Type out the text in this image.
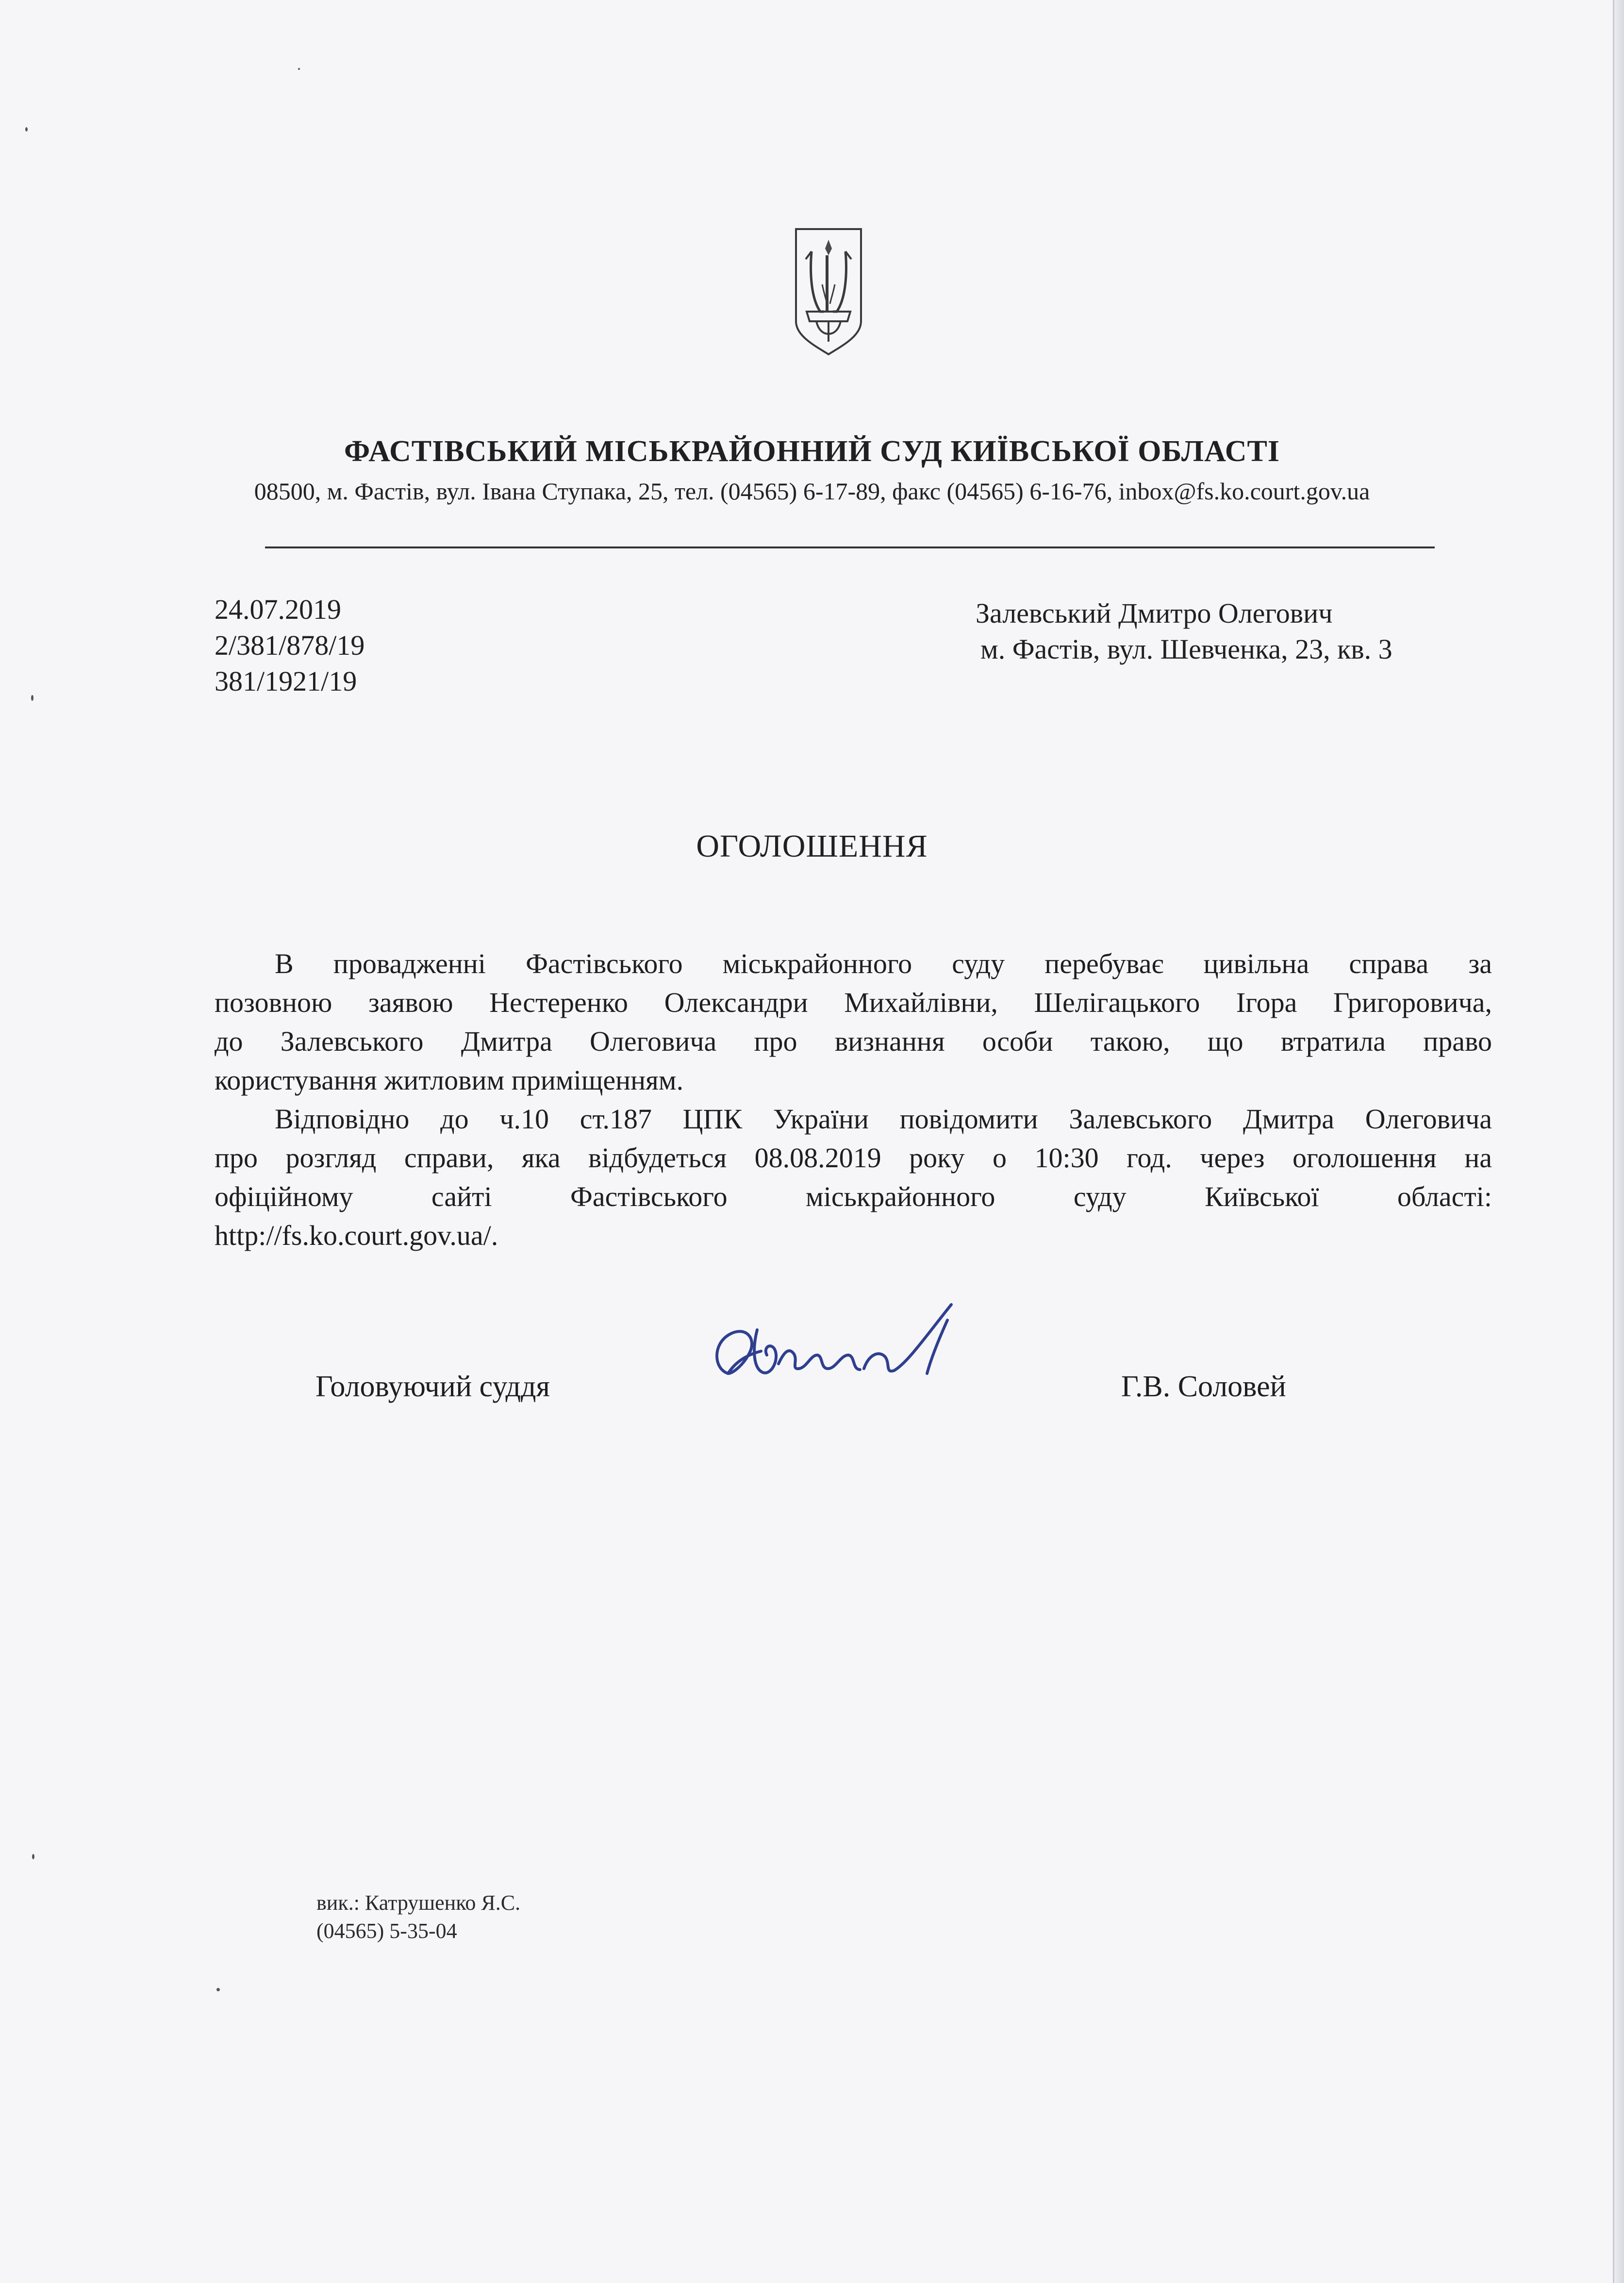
ФАСТІВСЬКИЙ МІСЬКРАЙОННИЙ СУД КИЇВСЬКОЇ ОБЛАСТІ

08500, м. Фастів, вул. Івана Ступака, 25, тел. (04565) 6-17-89, факс (04565) 6-16-76, inbox@fs.ko.court.gov.ua

24.07.2019

2/381/878/19

381/1921/19

Залевський Дмитро Олегович

м. Фастів, вул. Шевченка, 23, кв. 3

ОГОЛОШЕННЯ

В провадженні Фастівського міськрайонного суду перебуває цивільна справа за

позовною заявою Нестеренко Олександри Михайлівни, Шелігацького Ігора Григоровича,

до Залевського Дмитра Олеговича про визнання особи такою, що втратила право

користування житловим приміщенням.

Відповідно до ч.10 ст.187 ЦПК України повідомити Залевського Дмитра Олеговича

про розгляд справи, яка відбудеться 08.08.2019 року о 10:30 год. через оголошення на

офіційному сайті Фастівського міськрайонного суду Київської області:

http://fs.ko.court.gov.ua/.

Головуючий суддя	Г.В. Соловей

вик.: Катрушенко Я.С.

(04565) 5-35-04
